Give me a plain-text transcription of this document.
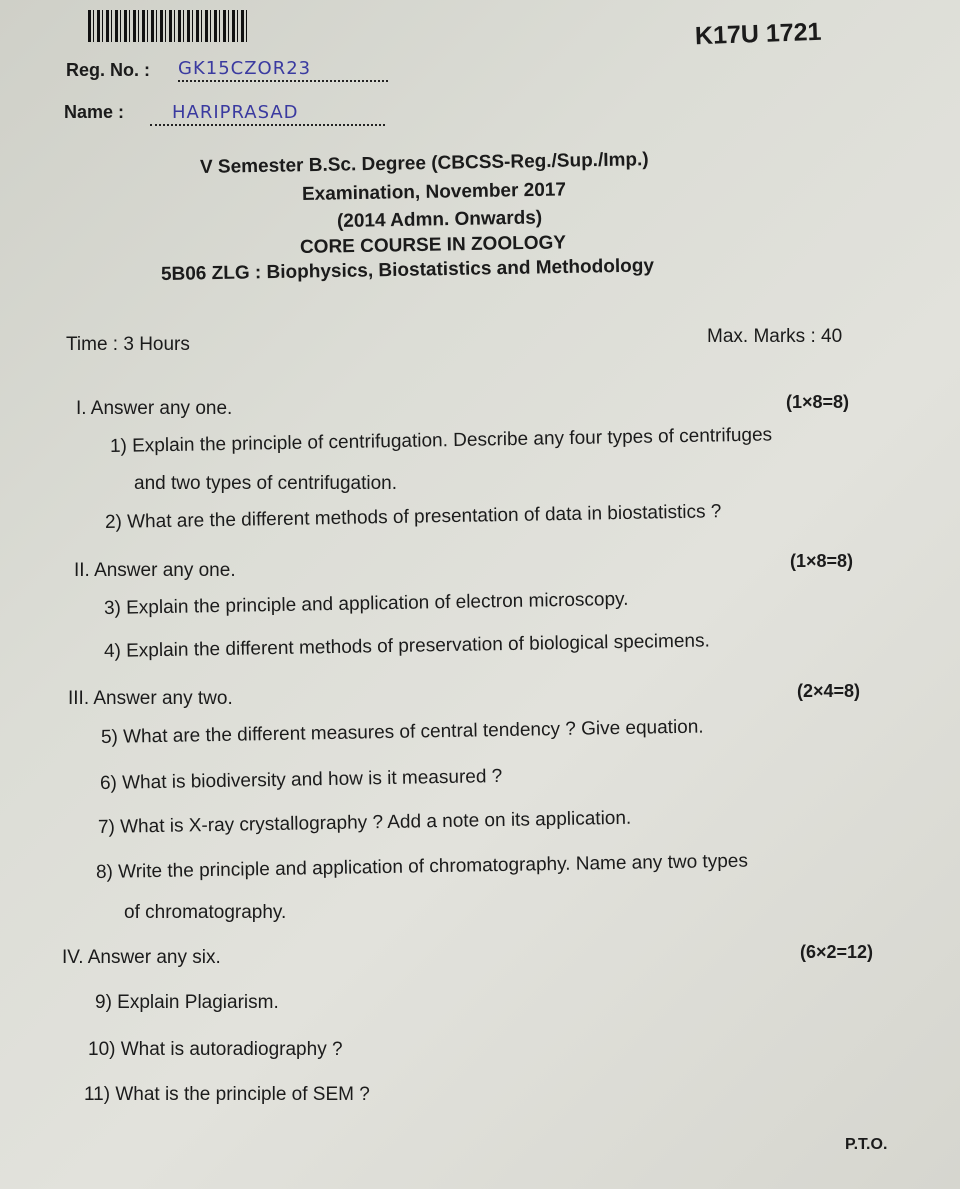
K17U 1721
Reg. No. : GK15CZOR23
Name :	HARIPRASAD
V Semester B.Sc. Degree (CBCSS-Reg./Sup./Imp.)
Examination, November 2017
(2014 Admn. Onwards)
CORE COURSE IN ZOOLOGY
5B06 ZLG : Biophysics, Biostatistics and Methodology
Time : 3 Hours	Max. Marks : 40
I. Answer any one.	(1×8=8)
1) Explain the principle of centrifugation. Describe any four types of centrifuges
and two types of centrifugation.
2) What are the different methods of presentation of data in biostatistics ?
II. Answer any one.	(1×8=8)
3) Explain the principle and application of electron microscopy.
4) Explain the different methods of preservation of biological specimens.
III. Answer any two.	(2×4=8)
5) What are the different measures of central tendency ? Give equation.
6) What is biodiversity and how is it measured ?
7) What is X-ray crystallography ? Add a note on its application.
8) Write the principle and application of chromatography. Name any two types
of chromatography.
IV. Answer any six.	(6×2=12)
9) Explain Plagiarism.
10) What is autoradiography ?
11) What is the principle of SEM ?
P.T.O.
